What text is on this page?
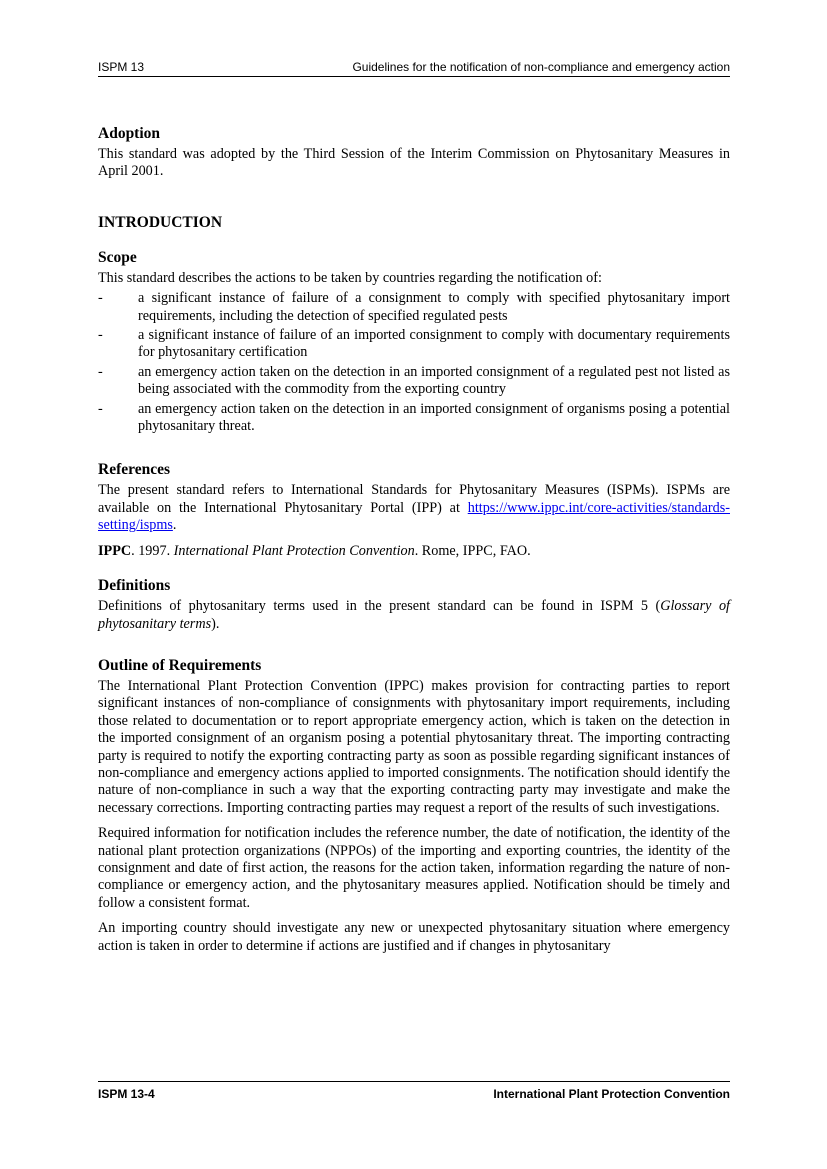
ISPM 13	Guidelines for the notification of non-compliance and emergency action
Adoption

This standard was adopted by the Third Session of the Interim Commission on Phytosanitary Measures in April 2001.

INTRODUCTION
Scope

This standard describes the actions to be taken by countries regarding the notification of:

- a significant instance of failure of a consignment to comply with specified phytosanitary import requirements, including the detection of specified regulated pests
- a significant instance of failure of an imported consignment to comply with documentary requirements for phytosanitary certification
- an emergency action taken on the detection in an imported consignment of a regulated pest not listed as being associated with the commodity from the exporting country
- an emergency action taken on the detection in an imported consignment of organisms posing a potential phytosanitary threat.
References

The present standard refers to International Standards for Phytosanitary Measures (ISPMs). ISPMs are available on the International Phytosanitary Portal (IPP) at https://www.ippc.int/core-activities/standards-setting/ispms.

IPPC. 1997. International Plant Protection Convention. Rome, IPPC, FAO.

Definitions

Definitions of phytosanitary terms used in the present standard can be found in ISPM 5 (Glossary of phytosanitary terms).

Outline of Requirements

The International Plant Protection Convention (IPPC) makes provision for contracting parties to report significant instances of non-compliance of consignments with phytosanitary import requirements, including those related to documentation or to report appropriate emergency action, which is taken on the detection in the imported consignment of an organism posing a potential phytosanitary threat. The importing contracting party is required to notify the exporting contracting party as soon as possible regarding significant instances of non-compliance and emergency actions applied to imported consignments. The notification should identify the nature of non-compliance in such a way that the exporting contracting party may investigate and make the necessary corrections. Importing contracting parties may request a report of the results of such investigations.

Required information for notification includes the reference number, the date of notification, the identity of the national plant protection organizations (NPPOs) of the importing and exporting countries, the identity of the consignment and date of first action, the reasons for the action taken, information regarding the nature of non-compliance or emergency action, and the phytosanitary measures applied. Notification should be timely and follow a consistent format.

An importing country should investigate any new or unexpected phytosanitary situation where emergency action is taken in order to determine if actions are justified and if changes in phytosanitary

ISPM 13-4	International Plant Protection Convention
